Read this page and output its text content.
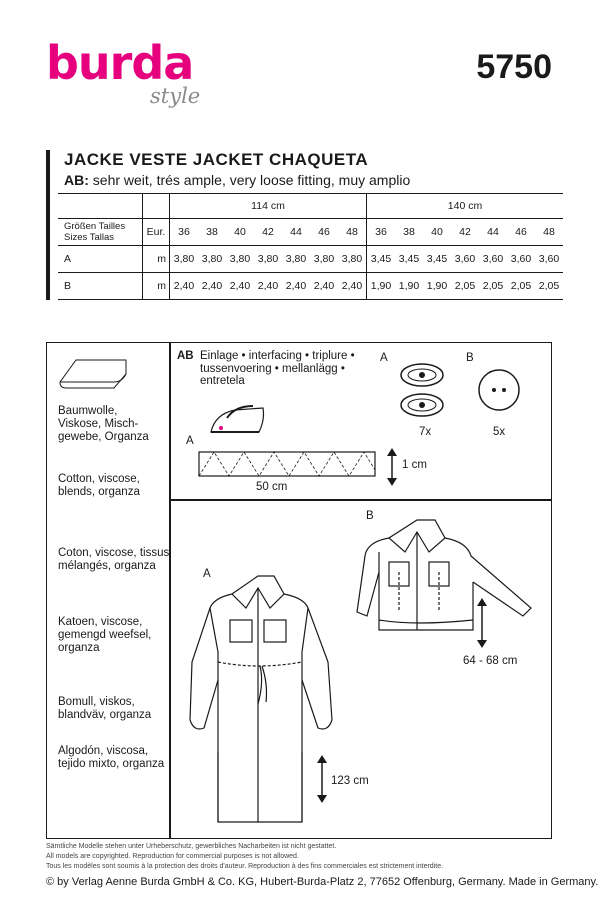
burda
style
5750
JACKE VESTE JACKET CHAQUETA
AB: sehr weit, trés ample, very loose fitting, muy amplio
		114 cm							140 cm						

Größen Tailles
Sizes Tallas	Eur.	36	38	40	42	44	46	48	36	38	40	42	44	46	48
A	m	3,80	3,80	3,80	3,80	3,80	3,80	3,80	3,45	3,45	3,45	3,60	3,60	3,60	3,60
B	m	2,40	2,40	2,40	2,40	2,40	2,40	2,40	1,90	1,90	1,90	2,05	2,05	2,05	2,05
Baumwolle,
Viskose, Misch-
gewebe, Organza
Cotton, viscose,
blends, organza
Coton, viscose, tissus
mélangés, organza
Katoen, viscose,
gemengd weefsel,
organza
Bomull, viskos,
blandväv, organza
Algodón, viscosa,
tejido mixto, organza
AB Einlage • interfacing • triplure •
tussenvoering • mellanlägg •
entretela
A	B
7x	5x
A
50 cm
1 cm
A
123 cm
B
64 - 68 cm
Sämtliche Modelle stehen unter Urheberschutz, gewerbliches Nacharbeiten ist nicht gestattet.
All models are copyrighted. Reproduction for commercial purposes is not allowed.
Tous les modèles sont soumis à la protection des droits d'auteur. Reproduction à des fins commerciales est strictement interdite.
© by Verlag Aenne Burda GmbH & Co. KG, Hubert-Burda-Platz 2, 77652 Offenburg, Germany. Made in Germany.
